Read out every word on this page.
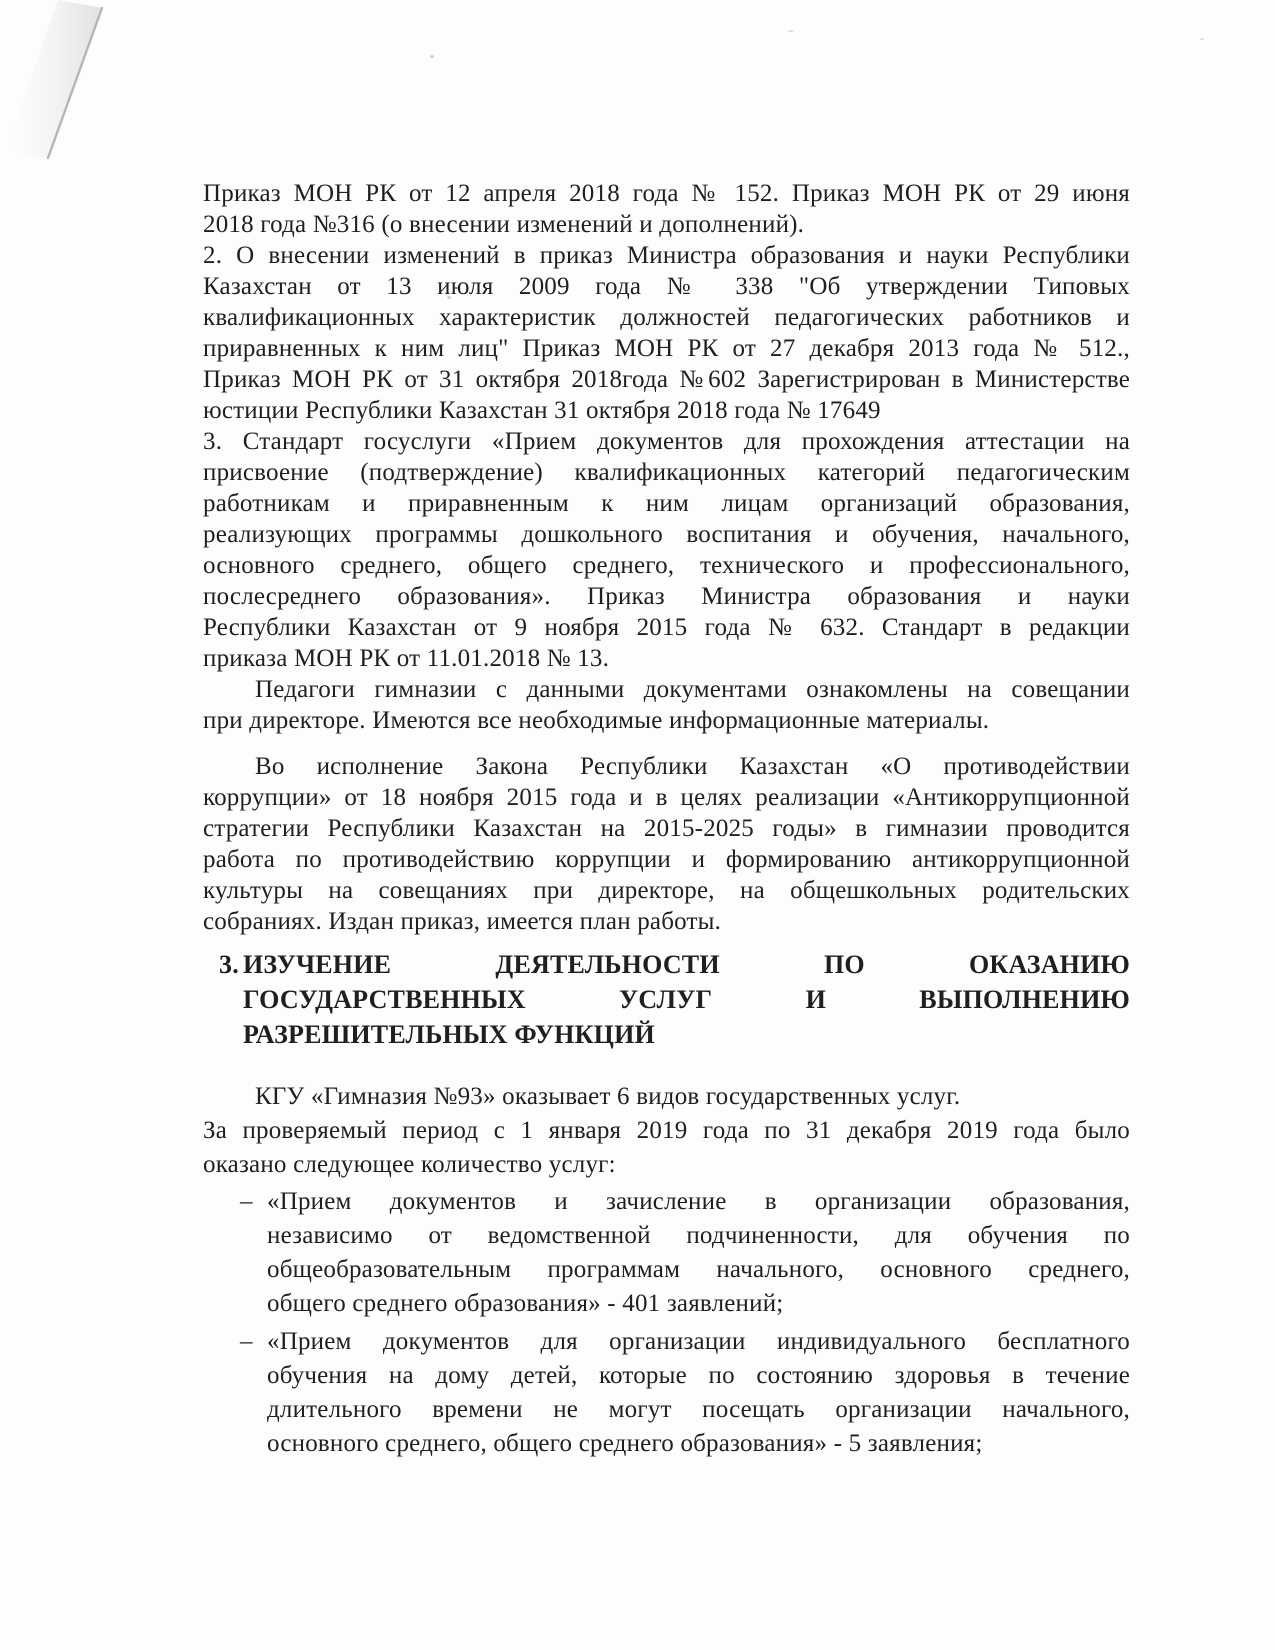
Приказ МОН РК от 12 апреля 2018 года № 152. Приказ МОН РК от 29 июня
2018 года №316 (о внесении изменений и дополнений).
2. О внесении изменений в приказ Министра образования и науки Республики
Казахстан от 13 июля 2009 года № 338 "Об утверждении Типовых
квалификационных характеристик должностей педагогических работников и
приравненных к ним лиц" Приказ МОН РК от 27 декабря 2013 года № 512.,
Приказ МОН РК от 31 октября 2018года №602 Зарегистрирован в Министерстве
юстиции Республики Казахстан 31 октября 2018 года № 17649
3. Стандарт госуслуги «Прием документов для прохождения аттестации на
присвоение (подтверждение) квалификационных категорий педагогическим
работникам и приравненным к ним лицам организаций образования,
реализующих программы дошкольного воспитания и обучения, начального,
основного среднего, общего среднего, технического и профессионального,
послесреднего образования». Приказ Министра образования и науки
Республики Казахстан от 9 ноября 2015 года № 632. Стандарт в редакции
приказа МОН РК от 11.01.2018 № 13.
Педагоги гимназии с данными документами ознакомлены на совещании
при директоре. Имеются все необходимые информационные материалы.
Во исполнение Закона Республики Казахстан «О противодействии
коррупции» от 18 ноября 2015 года и в целях реализации «Антикоррупционной
стратегии Республики Казахстан на 2015-2025 годы» в гимназии проводится
работа по противодействию коррупции и формированию антикоррупционной
культуры на совещаниях при директоре, на общешкольных родительских
собраниях. Издан приказ, имеется план работы.
3. ИЗУЧЕНИЕ ДЕЯТЕЛЬНОСТИ ПО ОКАЗАНИЮ
ГОСУДАРСТВЕННЫХ УСЛУГ И ВЫПОЛНЕНИЮ
РАЗРЕШИТЕЛЬНЫХ ФУНКЦИЙ
КГУ «Гимназия №93» оказывает 6 видов государственных услуг.
За проверяемый период с 1 января 2019 года по 31 декабря 2019 года было
оказано следующее количество услуг:
– «Прием документов и зачисление в организации образования,
независимо от ведомственной подчиненности, для обучения по
общеобразовательным программам начального, основного среднего,
общего среднего образования» - 401 заявлений;
– «Прием документов для организации индивидуального бесплатного
обучения на дому детей, которые по состоянию здоровья в течение
длительного времени не могут посещать организации начального,
основного среднего, общего среднего образования» - 5 заявления;
